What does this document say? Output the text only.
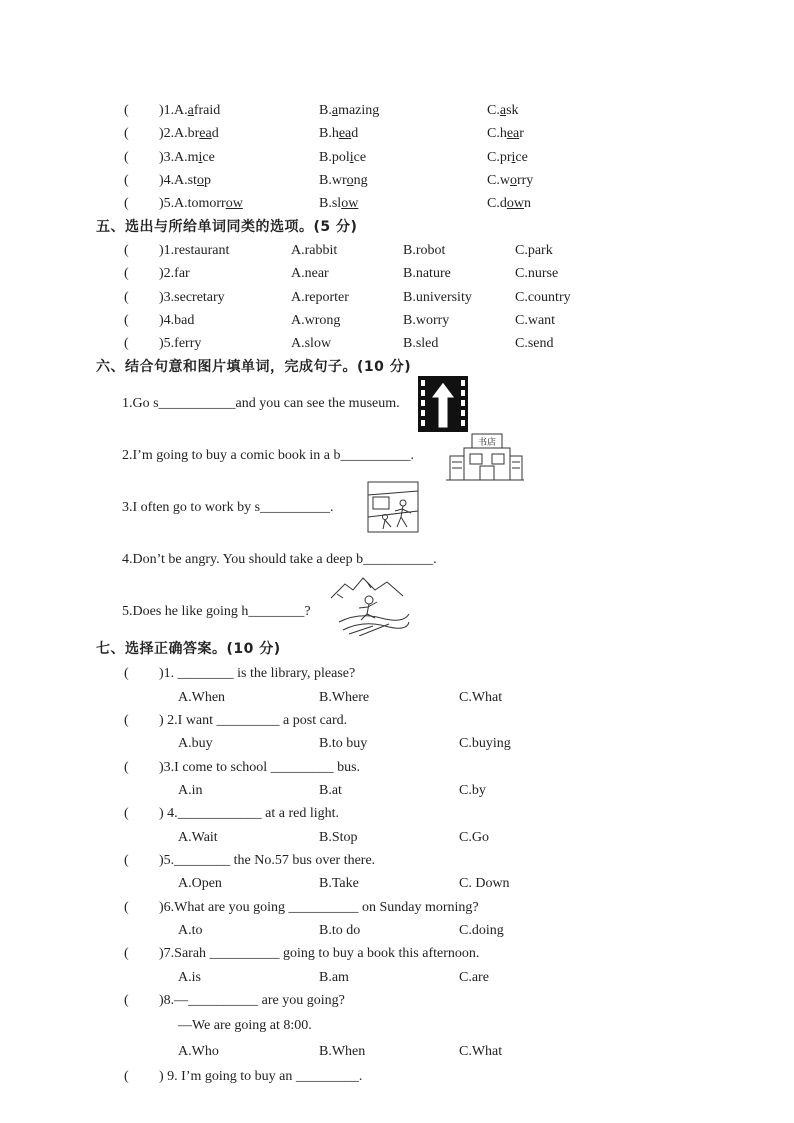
( )1. A.afraid	B.amazing	C.ask
( )2. A.bread	B.head	C.hear
( )3. A.mice	B.police	C.price
( )4. A.stop	B.wrong	C.worry
( )5. A.tomorrow	B.slow	C.down
五、选出与所给单词同类的选项。(5 分)
( )1.restaurant	A.rabbit	B.robot	C.park
( )2.far	A.near	B.nature	C.nurse
( )3.secretary	A.reporter	B.university	C.country
( )4.bad	A.wrong	B.worry	C.want
( )5.ferry	A.slow	B.sled	C.send
六、结合句意和图片填单词，完成句子。(10 分)
1.Go s___________and you can see the museum.
2.I’m going to buy a comic book in a b__________.
3.I often go to work by s__________.
4.Don’t be angry. You should take a deep b__________.
5.Does he like going h________?
书店
七、选择正确答案。(10 分)
( )1. ________ is the library, please?
A.When	B.Where	C.What
( ) 2.I want _________ a post card.
A.buy	B.to buy	C.buying
( )3.I come to school _________ bus.
A.in	B.at	C.by
( ) 4.____________ at a red light.
A.Wait	B.Stop	C.Go
( )5.________ the No.57 bus over there.
A.Open	B.Take	C. Down
( )6.What are you going __________ on Sunday morning?
A.to	B.to do	C.doing
( )7.Sarah __________ going to buy a book this afternoon.
A.is	B.am	C.are
( )8.—__________ are you going?
—We are going at 8:00.
A.Who	B.When	C.What
( ) 9. I’m going to buy an _________.
